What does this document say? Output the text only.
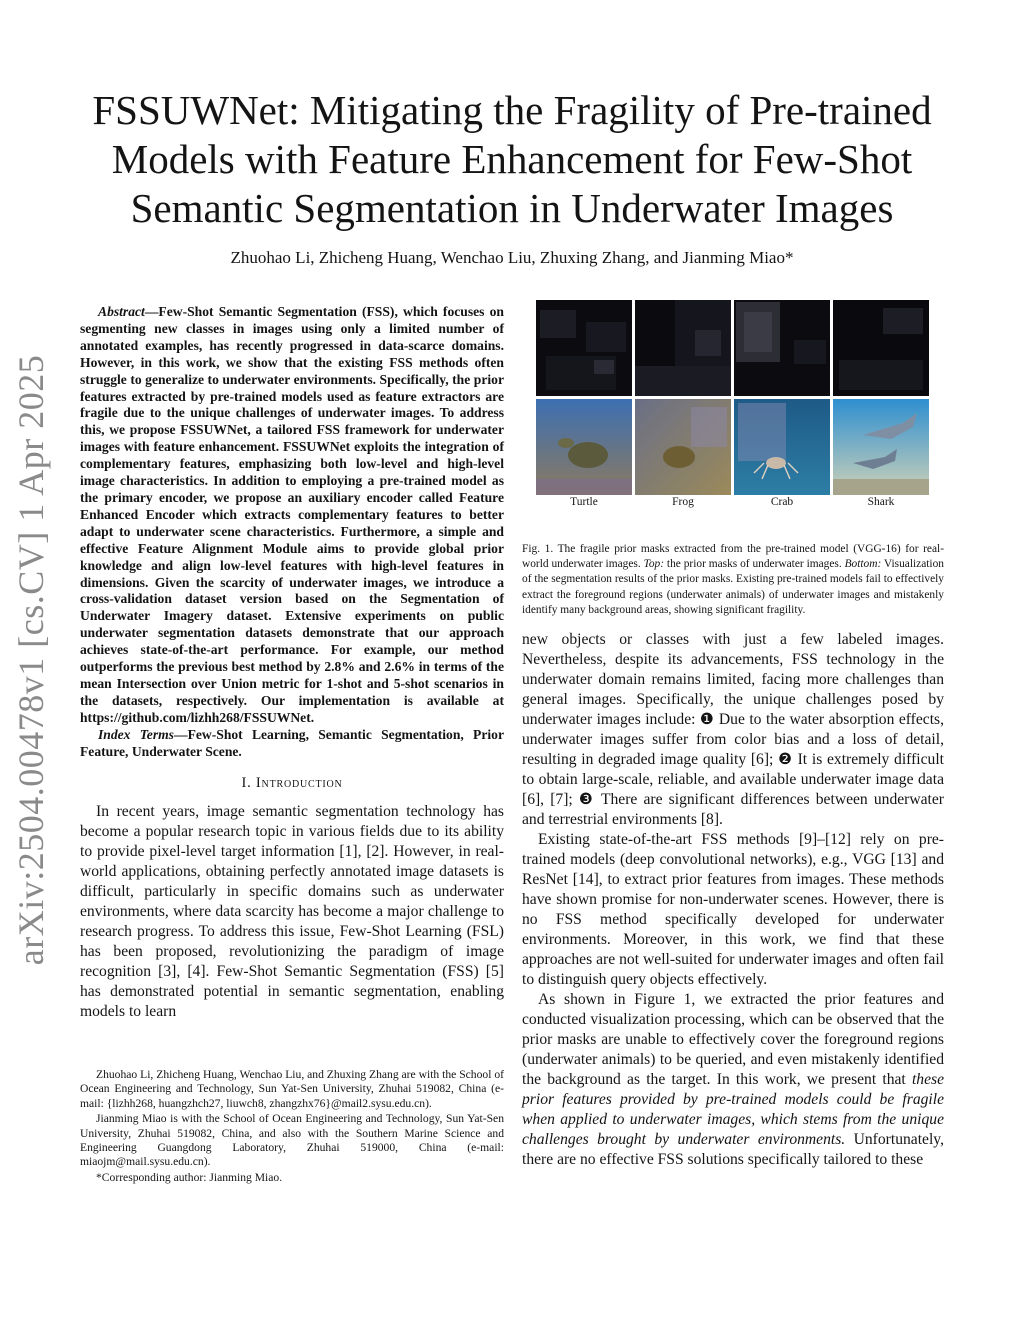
arXiv:2504.00478v1 [cs.CV] 1 Apr 2025
FSSUWNet: Mitigating the Fragility of Pre-trained Models with Feature Enhancement for Few-Shot Semantic Segmentation in Underwater Images
Zhuohao Li, Zhicheng Huang, Wenchao Liu, Zhuxing Zhang, and Jianming Miao*

Abstract—Few-Shot Semantic Segmentation (FSS), which focuses on segmenting new classes in images using only a limited number of annotated examples, has recently progressed in data-scarce domains. However, in this work, we show that the existing FSS methods often struggle to generalize to underwater environments. Specifically, the prior features extracted by pre-trained models used as feature extractors are fragile due to the unique challenges of underwater images. To address this, we propose FSSUWNet, a tailored FSS framework for underwater images with feature enhancement. FSSUWNet exploits the integration of complementary features, emphasizing both low-level and high-level image characteristics. In addition to employing a pre-trained model as the primary encoder, we propose an auxiliary encoder called Feature Enhanced Encoder which extracts complementary features to better adapt to underwater scene characteristics. Furthermore, a simple and effective Feature Alignment Module aims to provide global prior knowledge and align low-level features with high-level features in dimensions. Given the scarcity of underwater images, we introduce a cross-validation dataset version based on the Segmentation of Underwater Imagery dataset. Extensive experiments on public underwater segmentation datasets demonstrate that our approach achieves state-of-the-art performance. For example, our method outperforms the previous best method by 2.8% and 2.6% in terms of the mean Intersection over Union metric for 1-shot and 5-shot scenarios in the datasets, respectively. Our implementation is available at https://github.com/lizhh268/FSSUWNet.

Index Terms—Few-Shot Learning, Semantic Segmentation, Prior Feature, Underwater Scene.

I. Introduction

In recent years, image semantic segmentation technology has become a popular research topic in various fields due to its ability to provide pixel-level target information [1], [2]. However, in real-world applications, obtaining perfectly annotated image datasets is difficult, particularly in specific domains such as underwater environments, where data scarcity has become a major challenge to research progress. To address this issue, Few-Shot Learning (FSL) has been proposed, revolutionizing the paradigm of image recognition [3], [4]. Few-Shot Semantic Segmentation (FSS) [5] has demonstrated potential in semantic segmentation, enabling models to learn

Zhuohao Li, Zhicheng Huang, Wenchao Liu, and Zhuxing Zhang are with the School of Ocean Engineering and Technology, Sun Yat-Sen University, Zhuhai 519082, China (e-mail: {lizhh268, huangzhch27, liuwch8, zhangzhx76}@mail2.sysu.edu.cn).

Jianming Miao is with the School of Ocean Engineering and Technology, Sun Yat-Sen University, Zhuhai 519082, China, and also with the Southern Marine Science and Engineering Guangdong Laboratory, Zhuhai 519000, China (e-mail: miaojm@mail.sysu.edu.cn).

*Corresponding author: Jianming Miao.

Turtle	Frog	Crab	Shark

Fig. 1. The fragile prior masks extracted from the pre-trained model (VGG-16) for real-world underwater images. Top: the prior masks of underwater images. Bottom: Visualization of the segmentation results of the prior masks. Existing pre-trained models fail to effectively extract the foreground regions (underwater animals) of underwater images and mistakenly identify many background areas, showing significant fragility.

new objects or classes with just a few labeled images. Nevertheless, despite its advancements, FSS technology in the underwater domain remains limited, facing more challenges than general images. Specifically, the unique challenges posed by underwater images include: ❶ Due to the water absorption effects, underwater images suffer from color bias and a loss of detail, resulting in degraded image quality [6]; ❷ It is extremely difficult to obtain large-scale, reliable, and available underwater image data [6], [7]; ❸ There are significant differences between underwater and terrestrial environments [8].

Existing state-of-the-art FSS methods [9]–[12] rely on pre-trained models (deep convolutional networks), e.g., VGG [13] and ResNet [14], to extract prior features from images. These methods have shown promise for non-underwater scenes. However, there is no FSS method specifically developed for underwater environments. Moreover, in this work, we find that these approaches are not well-suited for underwater images and often fail to distinguish query objects effectively.

As shown in Figure 1, we extracted the prior features and conducted visualization processing, which can be observed that the prior masks are unable to effectively cover the foreground regions (underwater animals) to be queried, and even mistakenly identified the background as the target. In this work, we present that these prior features provided by pre-trained models could be fragile when applied to underwater images, which stems from the unique challenges brought by underwater environments. Unfortunately, there are no effective FSS solutions specifically tailored to these
